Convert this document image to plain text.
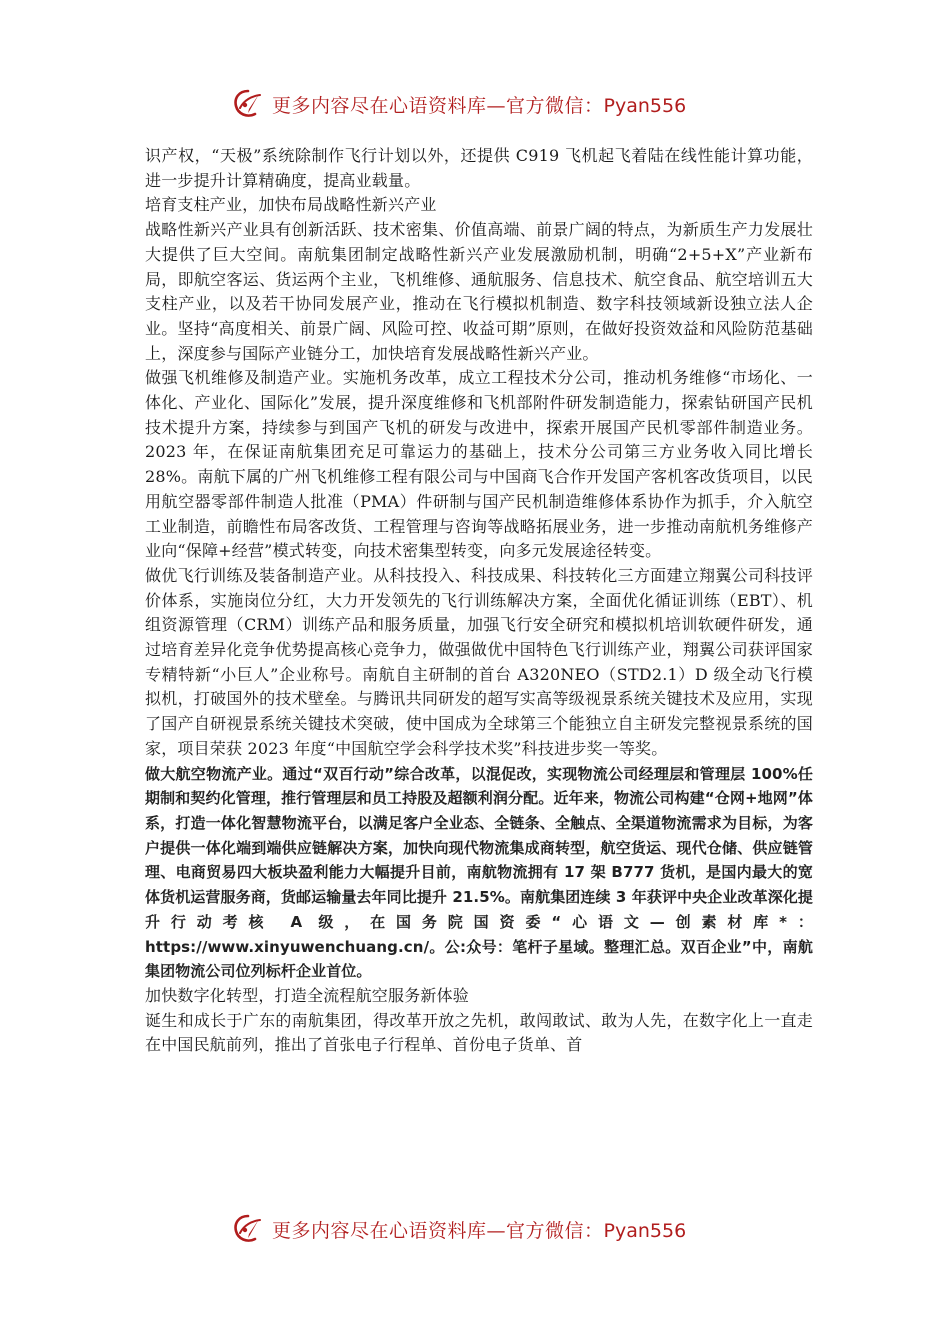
更多内容尽在心语资料库—官方微信：Pyan556

识产权，“天极”系统除制作飞行计划以外，还提供 C919 飞机起飞着陆在线性能计算功能，进一步提升计算精确度，提高业载量。

培育支柱产业，加快布局战略性新兴产业

战略性新兴产业具有创新活跃、技术密集、价值高端、前景广阔的特点，为新质生产力发展壮大提供了巨大空间。南航集团制定战略性新兴产业发展激励机制，明确“2+5+X”产业新布局，即航空客运、货运两个主业，飞机维修、通航服务、信息技术、航空食品、航空培训五大支柱产业，以及若干协同发展产业，推动在飞行模拟机制造、数字科技领域新设独立法人企业。坚持“高度相关、前景广阔、风险可控、收益可期”原则，在做好投资效益和风险防范基础上，深度参与国际产业链分工，加快培育发展战略性新兴产业。

做强飞机维修及制造产业。实施机务改革，成立工程技术分公司，推动机务维修“市场化、一体化、产业化、国际化”发展，提升深度维修和飞机部附件研发制造能力，探索钻研国产民机技术提升方案，持续参与到国产飞机的研发与改进中，探索开展国产民机零部件制造业务。2023 年，在保证南航集团充足可靠运力的基础上，技术分公司第三方业务收入同比增长 28%。南航下属的广州飞机维修工程有限公司与中国商飞合作开发国产客机客改货项目，以民用航空器零部件制造人批准（PMA）件研制与国产民机制造维修体系协作为抓手，介入航空工业制造，前瞻性布局客改货、工程管理与咨询等战略拓展业务，进一步推动南航机务维修产业向“保障+经营”模式转变，向技术密集型转变，向多元发展途径转变。

做优飞行训练及装备制造产业。从科技投入、科技成果、科技转化三方面建立翔翼公司科技评价体系，实施岗位分红，大力开发领先的飞行训练解决方案，全面优化循证训练（EBT）、机组资源管理（CRM）训练产品和服务质量，加强飞行安全研究和模拟机培训软硬件研发，通过培育差异化竞争优势提高核心竞争力，做强做优中国特色飞行训练产业，翔翼公司获评国家专精特新“小巨人”企业称号。南航自主研制的首台 A320NEO（STD2.1）D 级全动飞行模拟机，打破国外的技术壁垒。与腾讯共同研发的超写实高等级视景系统关键技术及应用，实现了国产自研视景系统关键技术突破，使中国成为全球第三个能独立自主研发完整视景系统的国家，项目荣获 2023 年度“中国航空学会科学技术奖”科技进步奖一等奖。

做大航空物流产业。通过“双百行动”综合改革，以混促改，实现物流公司经理层和管理层 100%任期制和契约化管理，推行管理层和员工持股及超额利润分配。近年来，物流公司构建“仓网+地网”体系，打造一体化智慧物流平台，以满足客户全业态、全链条、全触点、全渠道物流需求为目标，为客户提供一体化端到端供应链解决方案，加快向现代物流集成商转型，航空货运、现代仓储、供应链管理、电商贸易四大板块盈利能力大幅提升目前，南航物流拥有 17 架 B777 货机，是国内最大的宽体货机运营服务商，货邮运输量去年同比提升 21.5%。南航集团连续 3 年获评中央企业改革深化提升行动考核 A 级，在国务院国资委“心语文—创素材库*：https://www.xinyuwenchuang.cn/。公:众号：笔杆子星域。整理汇总。双百企业”中，南航集团物流公司位列标杆企业首位。

加快数字化转型，打造全流程航空服务新体验

诞生和成长于广东的南航集团，得改革开放之先机，敢闯敢试、敢为人先，在数字化上一直走在中国民航前列，推出了首张电子行程单、首份电子货单、首

更多内容尽在心语资料库—官方微信：Pyan556
